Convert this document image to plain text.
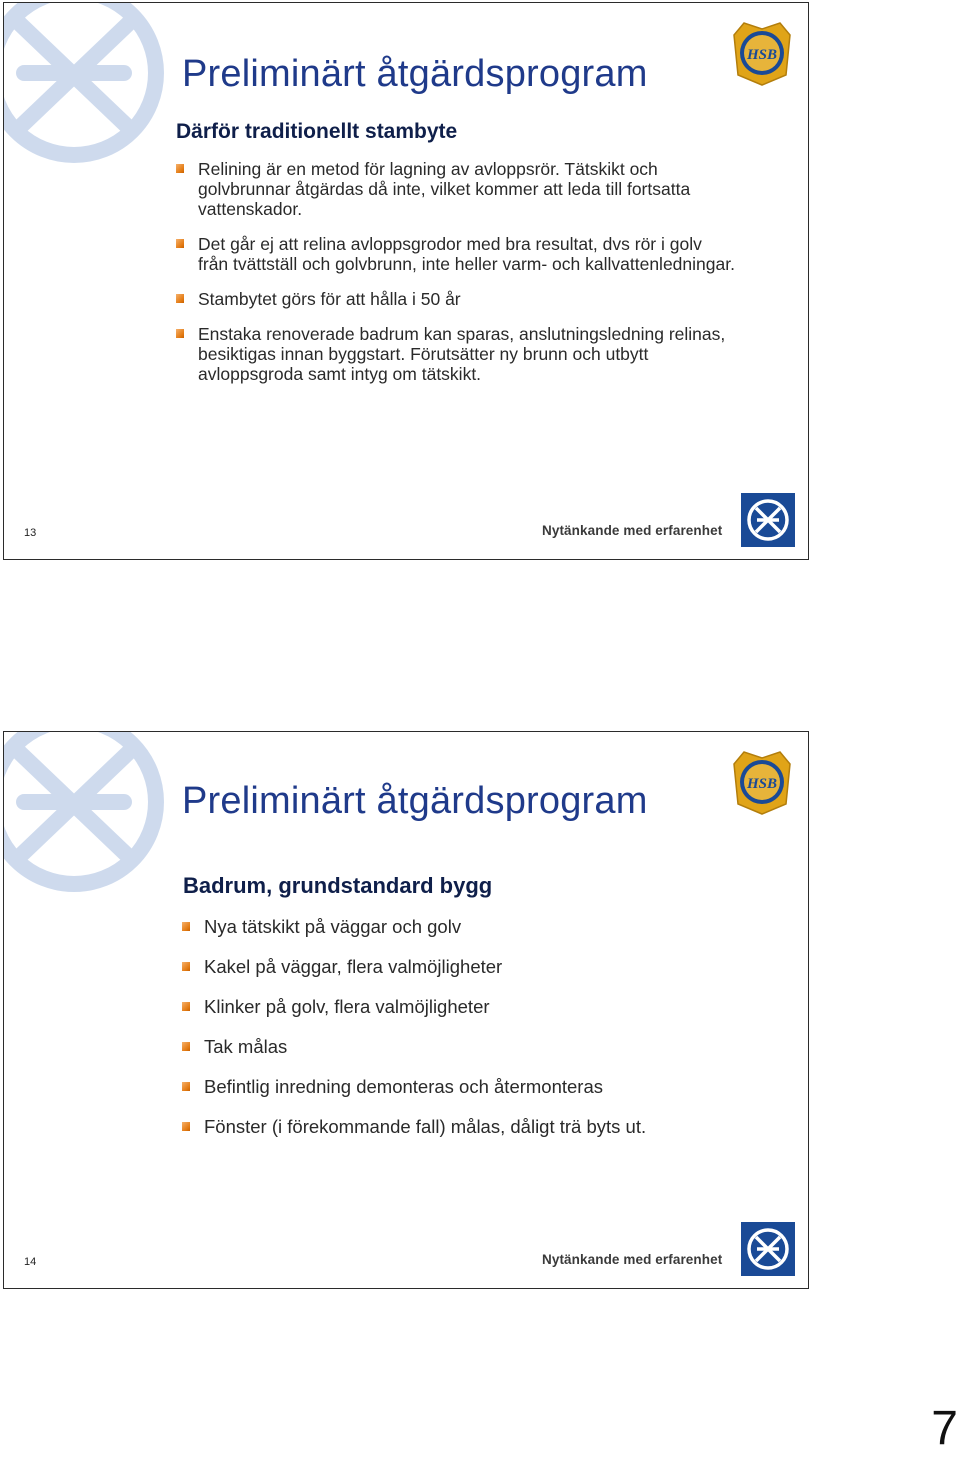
HSB
Preliminärt åtgärdsprogram
Därför traditionellt stambyte
Relining är en metod för lagning av avloppsrör. Tätskikt och golvbrunnar åtgärdas då inte, vilket kommer att leda till fortsatta vattenskador.
Det går ej att relina avloppsgrodor med bra resultat, dvs rör i golv från tvättställ och golvbrunn, inte heller varm- och kallvattenledningar.
Stambytet görs för att hålla i 50 år
Enstaka renoverade badrum kan sparas, anslutningsledning relinas, besiktigas innan byggstart. Förutsätter ny brunn och utbytt avloppsgroda samt intyg om tätskikt.
13	Nytänkande med erfarenhet
HSB
Preliminärt åtgärdsprogram
Badrum, grundstandard bygg
Nya tätskikt på väggar och golv
Kakel på väggar, flera valmöjligheter
Klinker på golv, flera valmöjligheter
Tak målas
Befintlig inredning demonteras och återmonteras
Fönster (i förekommande fall) målas, dåligt trä byts ut.
14	Nytänkande med erfarenhet
7
